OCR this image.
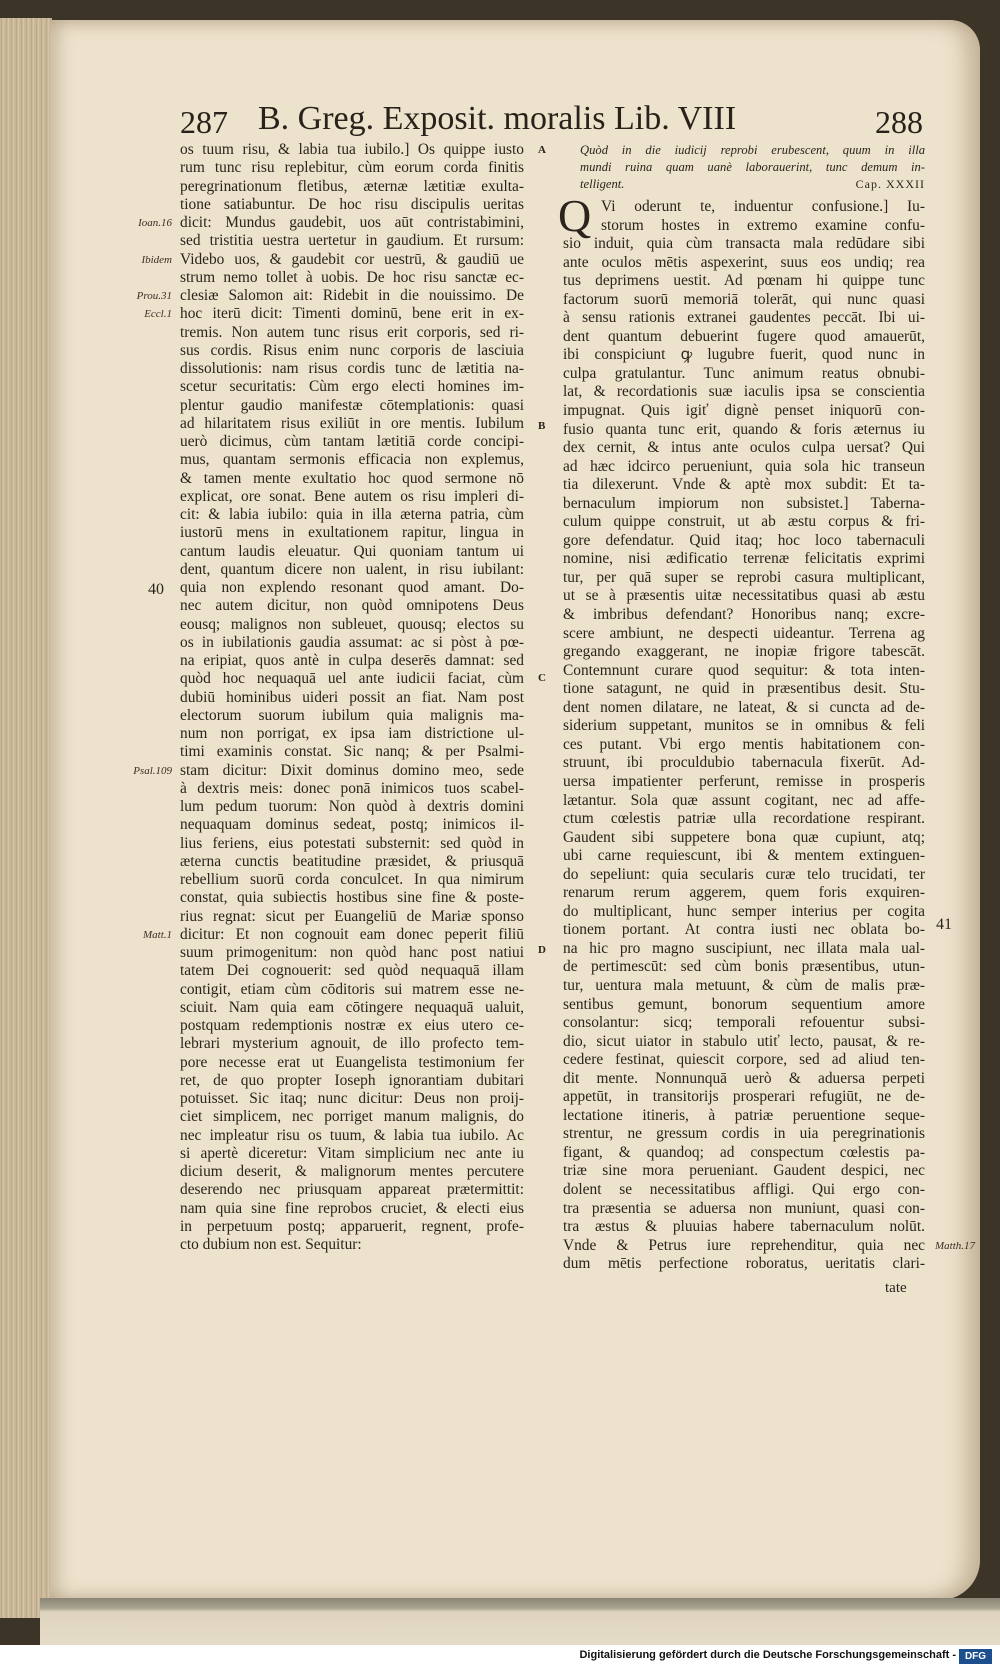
287 B. Greg. Exposit. moralis Lib. VIII	288
os tuum risu, & labia tua iubilo.] Os quippe iusto
rum tunc risu replebitur, cùm eorum corda finitis
peregrinationum fletibus, æternæ lætitiæ exulta-
tione satiabuntur. De hoc risu discipulis ueritas
dicit: Mundus gaudebit, uos aūt contristabimini,
Ioan.16
sed tristitia uestra uertetur in gaudium. Et rursum:
Videbo uos, & gaudebit cor uestrū, & gaudiū ue
Ibidem
strum nemo tollet à uobis. De hoc risu sanctæ ec-
clesiæ Salomon ait: Ridebit in die nouissimo. De
Prou.31
hoc iterū dicit: Timenti dominū, bene erit in ex-
Eccl.1
tremis. Non autem tunc risus erit corporis, sed ri-
sus cordis. Risus enim nunc corporis de lasciuia
dissolutionis: nam risus cordis tunc de lætitia na-
scetur securitatis: Cùm ergo electi homines im-
plentur gaudio manifestæ cōtemplationis: quasi
ad hilaritatem risus exiliūt in ore mentis. Iubilum
uerò dicimus, cùm tantam lætitiā corde concipi-
mus, quantam sermonis efficacia non explemus,
& tamen mente exultatio hoc quod sermone nō
explicat, ore sonat. Bene autem os risu impleri di-
cit: & labia iubilo: quia in illa æterna patria, cùm
iustorū mens in exultationem rapitur, lingua in
cantum laudis eleuatur. Qui quoniam tantum ui
dent, quantum dicere non ualent, in risu iubilant:
quia non explendo resonant quod amant. Do-
nec autem dicitur, non quòd omnipotens Deus
eousq; malignos non subleuet, quousq; electos su
os in iubilationis gaudia assumat: ac si pòst à pœ-
na eripiat, quos antè in culpa deserēs damnat: sed
quòd hoc nequaquā uel ante iudicii faciat, cùm
dubiū hominibus uideri possit an fiat. Nam post
electorum suorum iubilum quia malignis ma-
num non porrigat, ex ipsa iam districtione ul-
timi examinis constat. Sic nanq; & per Psalmi-
stam dicitur: Dixit dominus domino meo, sede
Psal.109
à dextris meis: donec ponā inimicos tuos scabel-
lum pedum tuorum: Non quòd à dextris domini
nequaquam dominus sedeat, postq; inimicos il-
lius feriens, eius potestati substernit: sed quòd in
æterna cunctis beatitudine præsidet, & priusquā
rebellium suorū corda conculcet. In qua nimirum
constat, quia subiectis hostibus sine fine & poste-
rius regnat: sicut per Euangeliū de Mariæ sponso
dicitur: Et non cognouit eam donec peperit filiū
Matt.1
suum primogenitum: non quòd hanc post natiui
tatem Dei cognouerit: sed quòd nequaquā illam
contigit, etiam cùm cōditoris sui matrem esse ne-
sciuit. Nam quia eam cōtingere nequaquā ualuit,
postquam redemptionis nostræ ex eius utero ce-
lebrari mysterium agnouit, de illo profecto tem-
pore necesse erat ut Euangelista testimonium fer
ret, de quo propter Ioseph ignorantiam dubitari
potuisset. Sic itaq; nunc dicitur: Deus non proij-
ciet simplicem, nec porriget manum malignis, do
nec impleatur risu os tuum, & labia tua iubilo. Ac
si apertè diceretur: Vitam simplicium nec ante iu
dicium deserit, & malignorum mentes percutere
deserendo nec priusquam appareat prætermittit:
nam quia sine fine reprobos cruciet, & electi eius
in perpetuum postq; apparuerit, regnent, profe-
cto dubium non est. Sequitur:
Quòd in die iudicij reprobi erubescent, quum in illa
mundi ruina quam uanè laborauerint, tunc demum in-
telligent.	Cap. XXXII
Vi oderunt te, induentur confusione.] Iu-
storum hostes in extremo examine confu-
sio induit, quia cùm transacta mala redūdare sibi
ante oculos mētis aspexerint, suus eos undiq; rea
tus deprimens uestit. Ad pœnam hi quippe tunc
factorum suorū memoriā tolerāt, qui nunc quasi
à sensu rationis extranei gaudentes peccāt. Ibi ui-
dent quantum debuerint fugere quod amauerūt,
ibi conspiciunt ꝙ lugubre fuerit, quod nunc in
culpa gratulantur. Tunc animum reatus obnubi-
lat, & recordationis suæ iaculis ipsa se conscientia
impugnat. Quis igiť dignè penset iniquorū con-
fusio quanta tunc erit, quando & foris æternus iu
dex cernit, & intus ante oculos culpa uersat? Qui
ad hæc idcirco perueniunt, quia sola hic transeun
tia dilexerunt. Vnde & aptè mox subdit: Et ta-
bernaculum impiorum non subsistet.] Taberna-
culum quippe construit, ut ab æstu corpus & fri-
gore defendatur. Quid itaq; hoc loco tabernaculi
nomine, nisi ædificatio terrenæ felicitatis exprimi
tur, per quā super se reprobi casura multiplicant,
ut se à præsentis uitæ necessitatibus quasi ab æstu
& imbribus defendant? Honoribus nanq; excre-
scere ambiunt, ne despecti uideantur. Terrena ag
gregando exaggerant, ne inopiæ frigore tabescāt.
Contemnunt curare quod sequitur: & tota inten-
tione satagunt, ne quid in præsentibus desit. Stu-
dent nomen dilatare, ne lateat, & si cuncta ad de-
siderium suppetant, munitos se in omnibus & feli
ces putant. Vbi ergo mentis habitationem con-
struunt, ibi proculdubio tabernacula fixerūt. Ad-
uersa impatienter perferunt, remisse in prosperis
lætantur. Sola quæ assunt cogitant, nec ad affe-
ctum cœlestis patriæ ulla recordatione respirant.
Gaudent sibi suppetere bona quæ cupiunt, atq;
ubi carne requiescunt, ibi & mentem extinguen-
do sepeliunt: quia secularis curæ telo trucidati, ter
renarum rerum aggerem, quem foris exquiren-
do multiplicant, hunc semper interius per cogita
tionem portant. At contra iusti nec oblata bo-
na hic pro magno suscipiunt, nec illata mala ual-
de pertimescūt: sed cùm bonis præsentibus, utun-
tur, uentura mala metuunt, & cùm de malis præ-
sentibus gemunt, bonorum sequentium amore
consolantur: sicq; temporali refouentur subsi-
dio, sicut uiator in stabulo utiť lecto, pausat, & re-
cedere festinat, quiescit corpore, sed ad aliud ten-
dit mente. Nonnunquā uerò & aduersa perpeti
appetūt, in transitorijs prosperari refugiūt, ne de-
lectatione itineris, à patriæ peruentione seque-
strentur, ne gressum cordis in uia peregrinationis
figant, & quandoq; ad conspectum cœlestis pa-
triæ sine mora perueniant. Gaudent despici, nec
dolent se necessitatibus affligi. Qui ergo con-
tra præsentia se aduersa non muniunt, quasi con-
tra æstus & pluuias habere tabernaculum nolūt.
Vnde & Petrus iure reprehenditur, quia nec Matth.17
dum mētis perfectione roboratus, ueritatis clari-
Q
A
B
C
D
40
41
tate
Digitalisierung gefördert durch die Deutsche Forschungsgemeinschaft - DFG
